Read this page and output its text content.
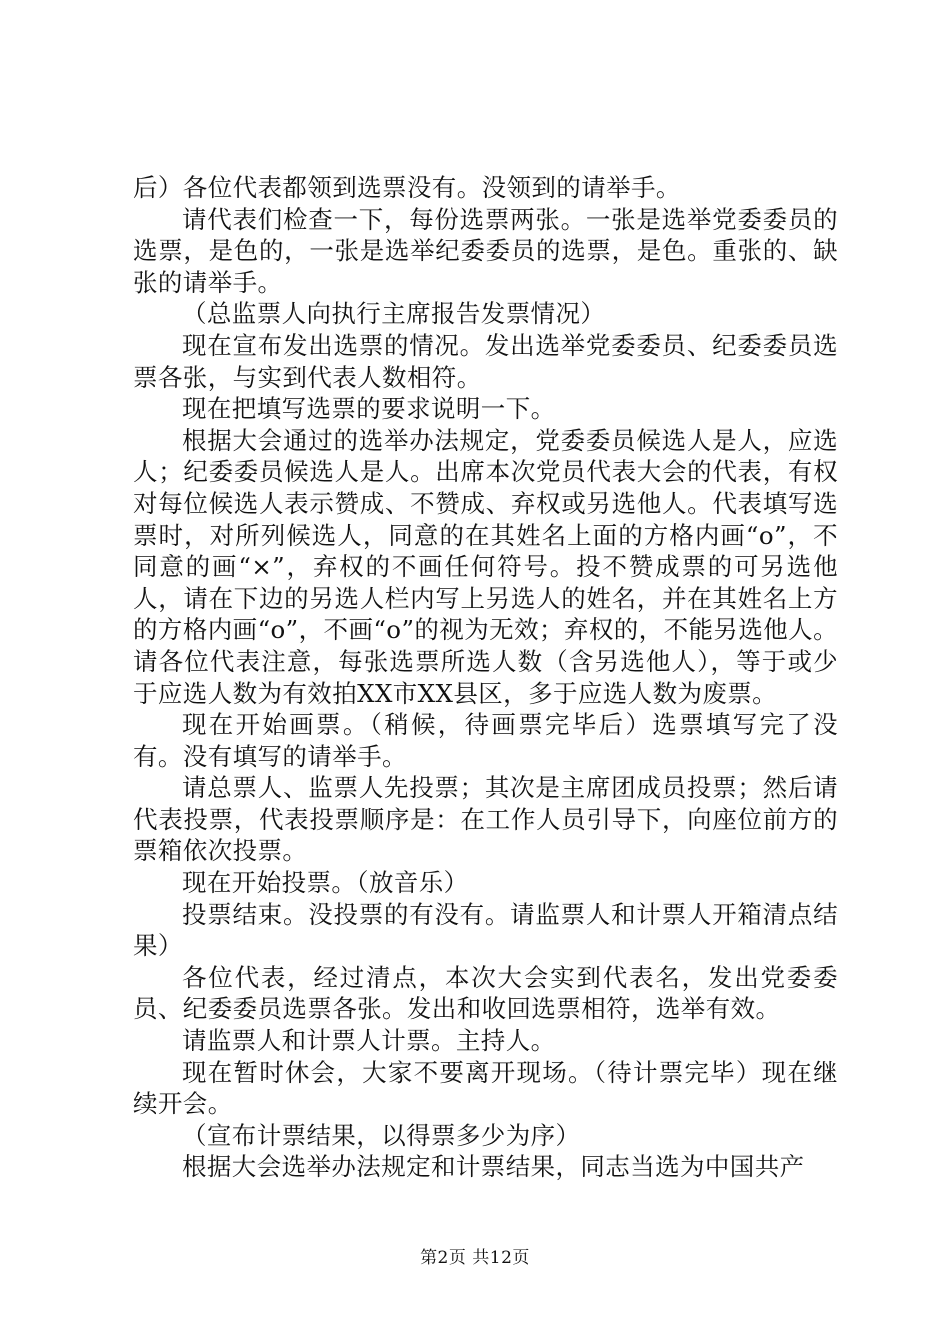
后）各位代表都领到选票没有。没领到的请举手。

请代表们检查一下，每份选票两张。一张是选举党委委员的选票，是色的，一张是选举纪委委员的选票，是色。重张的、缺张的请举手。

（总监票人向执行主席报告发票情况）

现在宣布发出选票的情况。发出选举党委委员、纪委委员选票各张，与实到代表人数相符。

现在把填写选票的要求说明一下。

根据大会通过的选举办法规定，党委委员候选人是人，应选人；纪委委员候选人是人。出席本次党员代表大会的代表，有权对每位候选人表示赞成、不赞成、弃权或另选他人。代表填写选票时，对所列候选人，同意的在其姓名上面的方格内画“o”，不同意的画“×”，弃权的不画任何符号。投不赞成票的可另选他人，请在下边的另选人栏内写上另选人的姓名，并在其姓名上方的方格内画“o”，不画“o”的视为无效；弃权的，不能另选他人。请各位代表注意，每张选票所选人数（含另选他人），等于或少于应选人数为有效拍XX市XX县区，多于应选人数为废票。

现在开始画票。（稍候，待画票完毕后）选票填写完了没有。没有填写的请举手。

请总票人、监票人先投票；其次是主席团成员投票；然后请代表投票，代表投票顺序是：在工作人员引导下，向座位前方的票箱依次投票。

现在开始投票。（放音乐）

投票结束。没投票的有没有。请监票人和计票人开箱清点结果）

各位代表，经过清点，本次大会实到代表名，发出党委委员、纪委委员选票各张。发出和收回选票相符，选举有效。

请监票人和计票人计票。主持人。

现在暂时休会，大家不要离开现场。（待计票完毕）现在继续开会。

（宣布计票结果，以得票多少为序）

根据大会选举办法规定和计票结果，同志当选为中国共产

第2页 共12页
